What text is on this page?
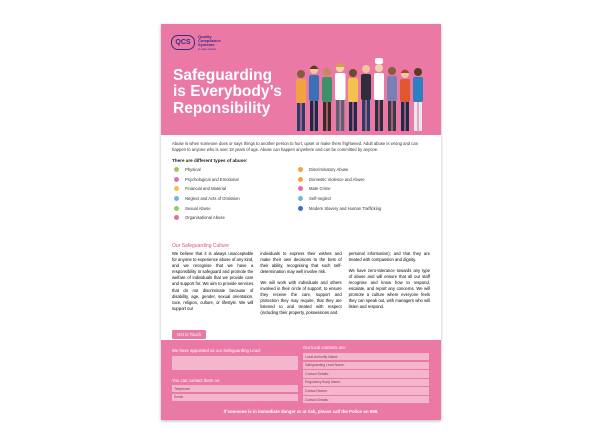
QCS
Quality
Compliance
Systems
in safe hands
Safeguarding
is Everybody’s
Reponsibility

Abuse is when someone does or says things to another person to hurt, upset or make them frightened. Adult abuse is wrong and can happen to anyone who is over 18 years of age. Abuse can happen anywhere and can be committed by anyone.

There are different types of abuse:

Physical	Discriminatory Abuse
Psychological and Emotional	Domestic Violence and Abuse
Financial and Material	Mate Crime
Neglect and Acts of Omission	Self-neglect
Sexual Abuse	Modern Slavery and Human Trafficking
Organisational Abuse

Our Safeguarding Culture

We believe that it is always unacceptable for anyone to experience abuse of any kind, and we recognise that we have a responsibility to safeguard and promote the welfare of individuals that we provide care and support for. We aim to provide services that do not discriminate because of disability, age, gender, sexual orientation, race, religion, culture, or lifestyle. We will support our

individuals to express their wishes and make their own decisions to the best of their ability, recognising that such self-determination may well involve risk.

We will work with individuals and others involved in their circle of support, to ensure they receive the care, support and protection they may require, that they are listened to and treated with respect (including their property, possessions and

personal information); and that they are treated with compassion and dignity.

We have zero-tolerance towards any type of abuse and will ensure that all our staff recognise and know how to respond, escalate, and report any concerns. We will promote a culture where everyone feels they can speak out, with managers who will listen and respond.

Get in Touch
We have appointed as our Safeguarding Lead:
You can contact them on:
Telephone:
Email:

Our local contacts are:

Local Authority Name:
Safeguarding Lead Name:
Contact Details:
Regulatory Body Name:
Contact Name:
Contact Details:
If someone is in immediate danger or at risk, please call the Police on 999.
